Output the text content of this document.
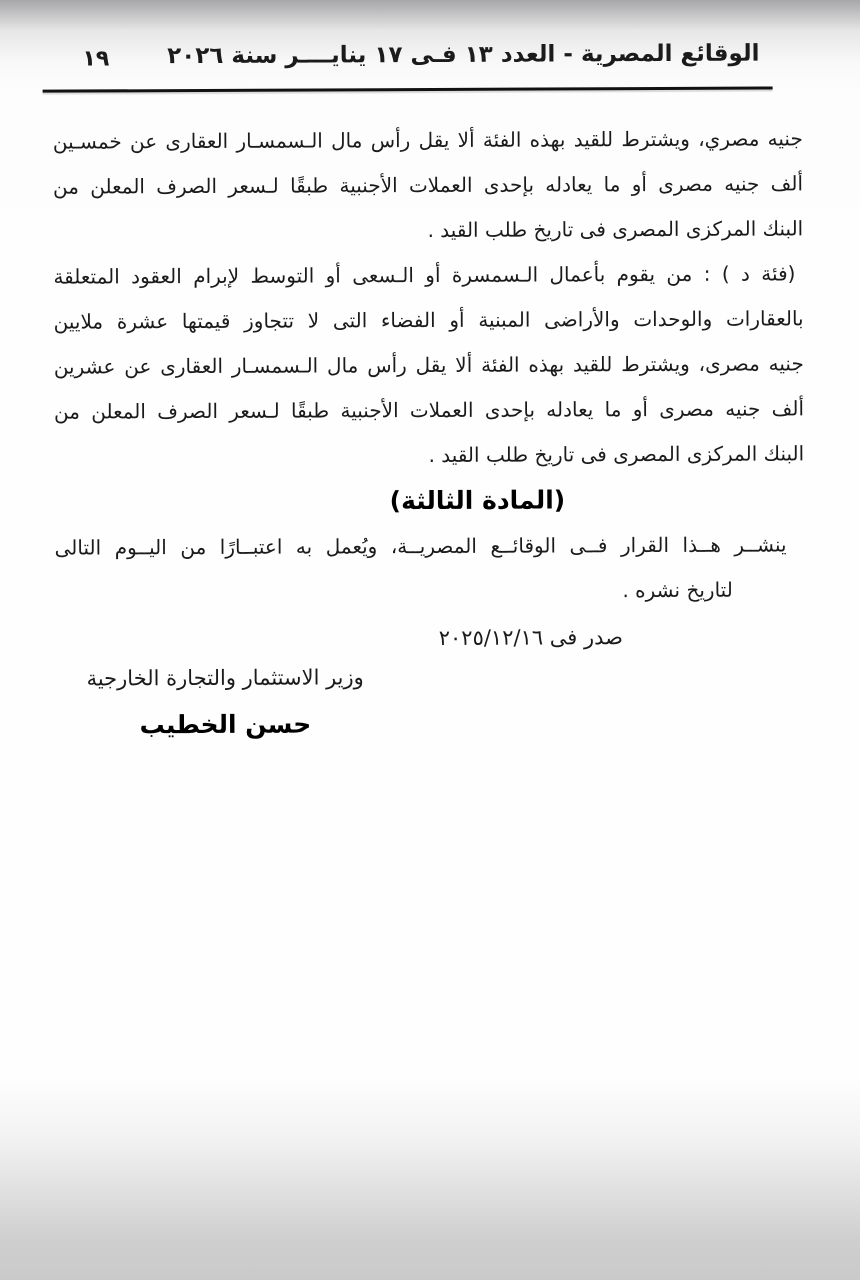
الوقائع المصرية - العدد ١٣ فـى ١٧ ينايــــر سنة ٢٠٢٦
١٩
جنيه مصري، ويشترط للقيد بهذه الفئة ألا يقل رأس مال الـسمسـار العقارى عن خمسـين
ألف جنيه مصرى أو ما يعادله بإحدى العملات الأجنبية طبقًا لـسعر الصرف المعلن من
البنك المركزى المصرى فى تاريخ طلب القيد .
(فئة د ) : من يقوم بأعمال الـسمسرة أو الـسعى أو التوسط لإبرام العقود المتعلقة
بالعقارات والوحدات والأراضى المبنية أو الفضاء التى لا تتجاوز قيمتها عشرة ملايين
جنيه مصرى، ويشترط للقيد بهذه الفئة ألا يقل رأس مال الـسمسـار العقارى عن عشرين
ألف جنيه مصرى أو ما يعادله بإحدى العملات الأجنبية طبقًا لـسعر الصرف المعلن من
البنك المركزى المصرى فى تاريخ طلب القيد .
(المادة الثالثة)
ينشــر هــذا القرار فــى الوقائــع المصريــة، ويُعمل به اعتبــارًا من اليــوم التالى
لتاريخ نشره .
صدر فى ٢٠٢٥/١٢/١٦
وزير الاستثمار والتجارة الخارجية
حسن الخطيب
